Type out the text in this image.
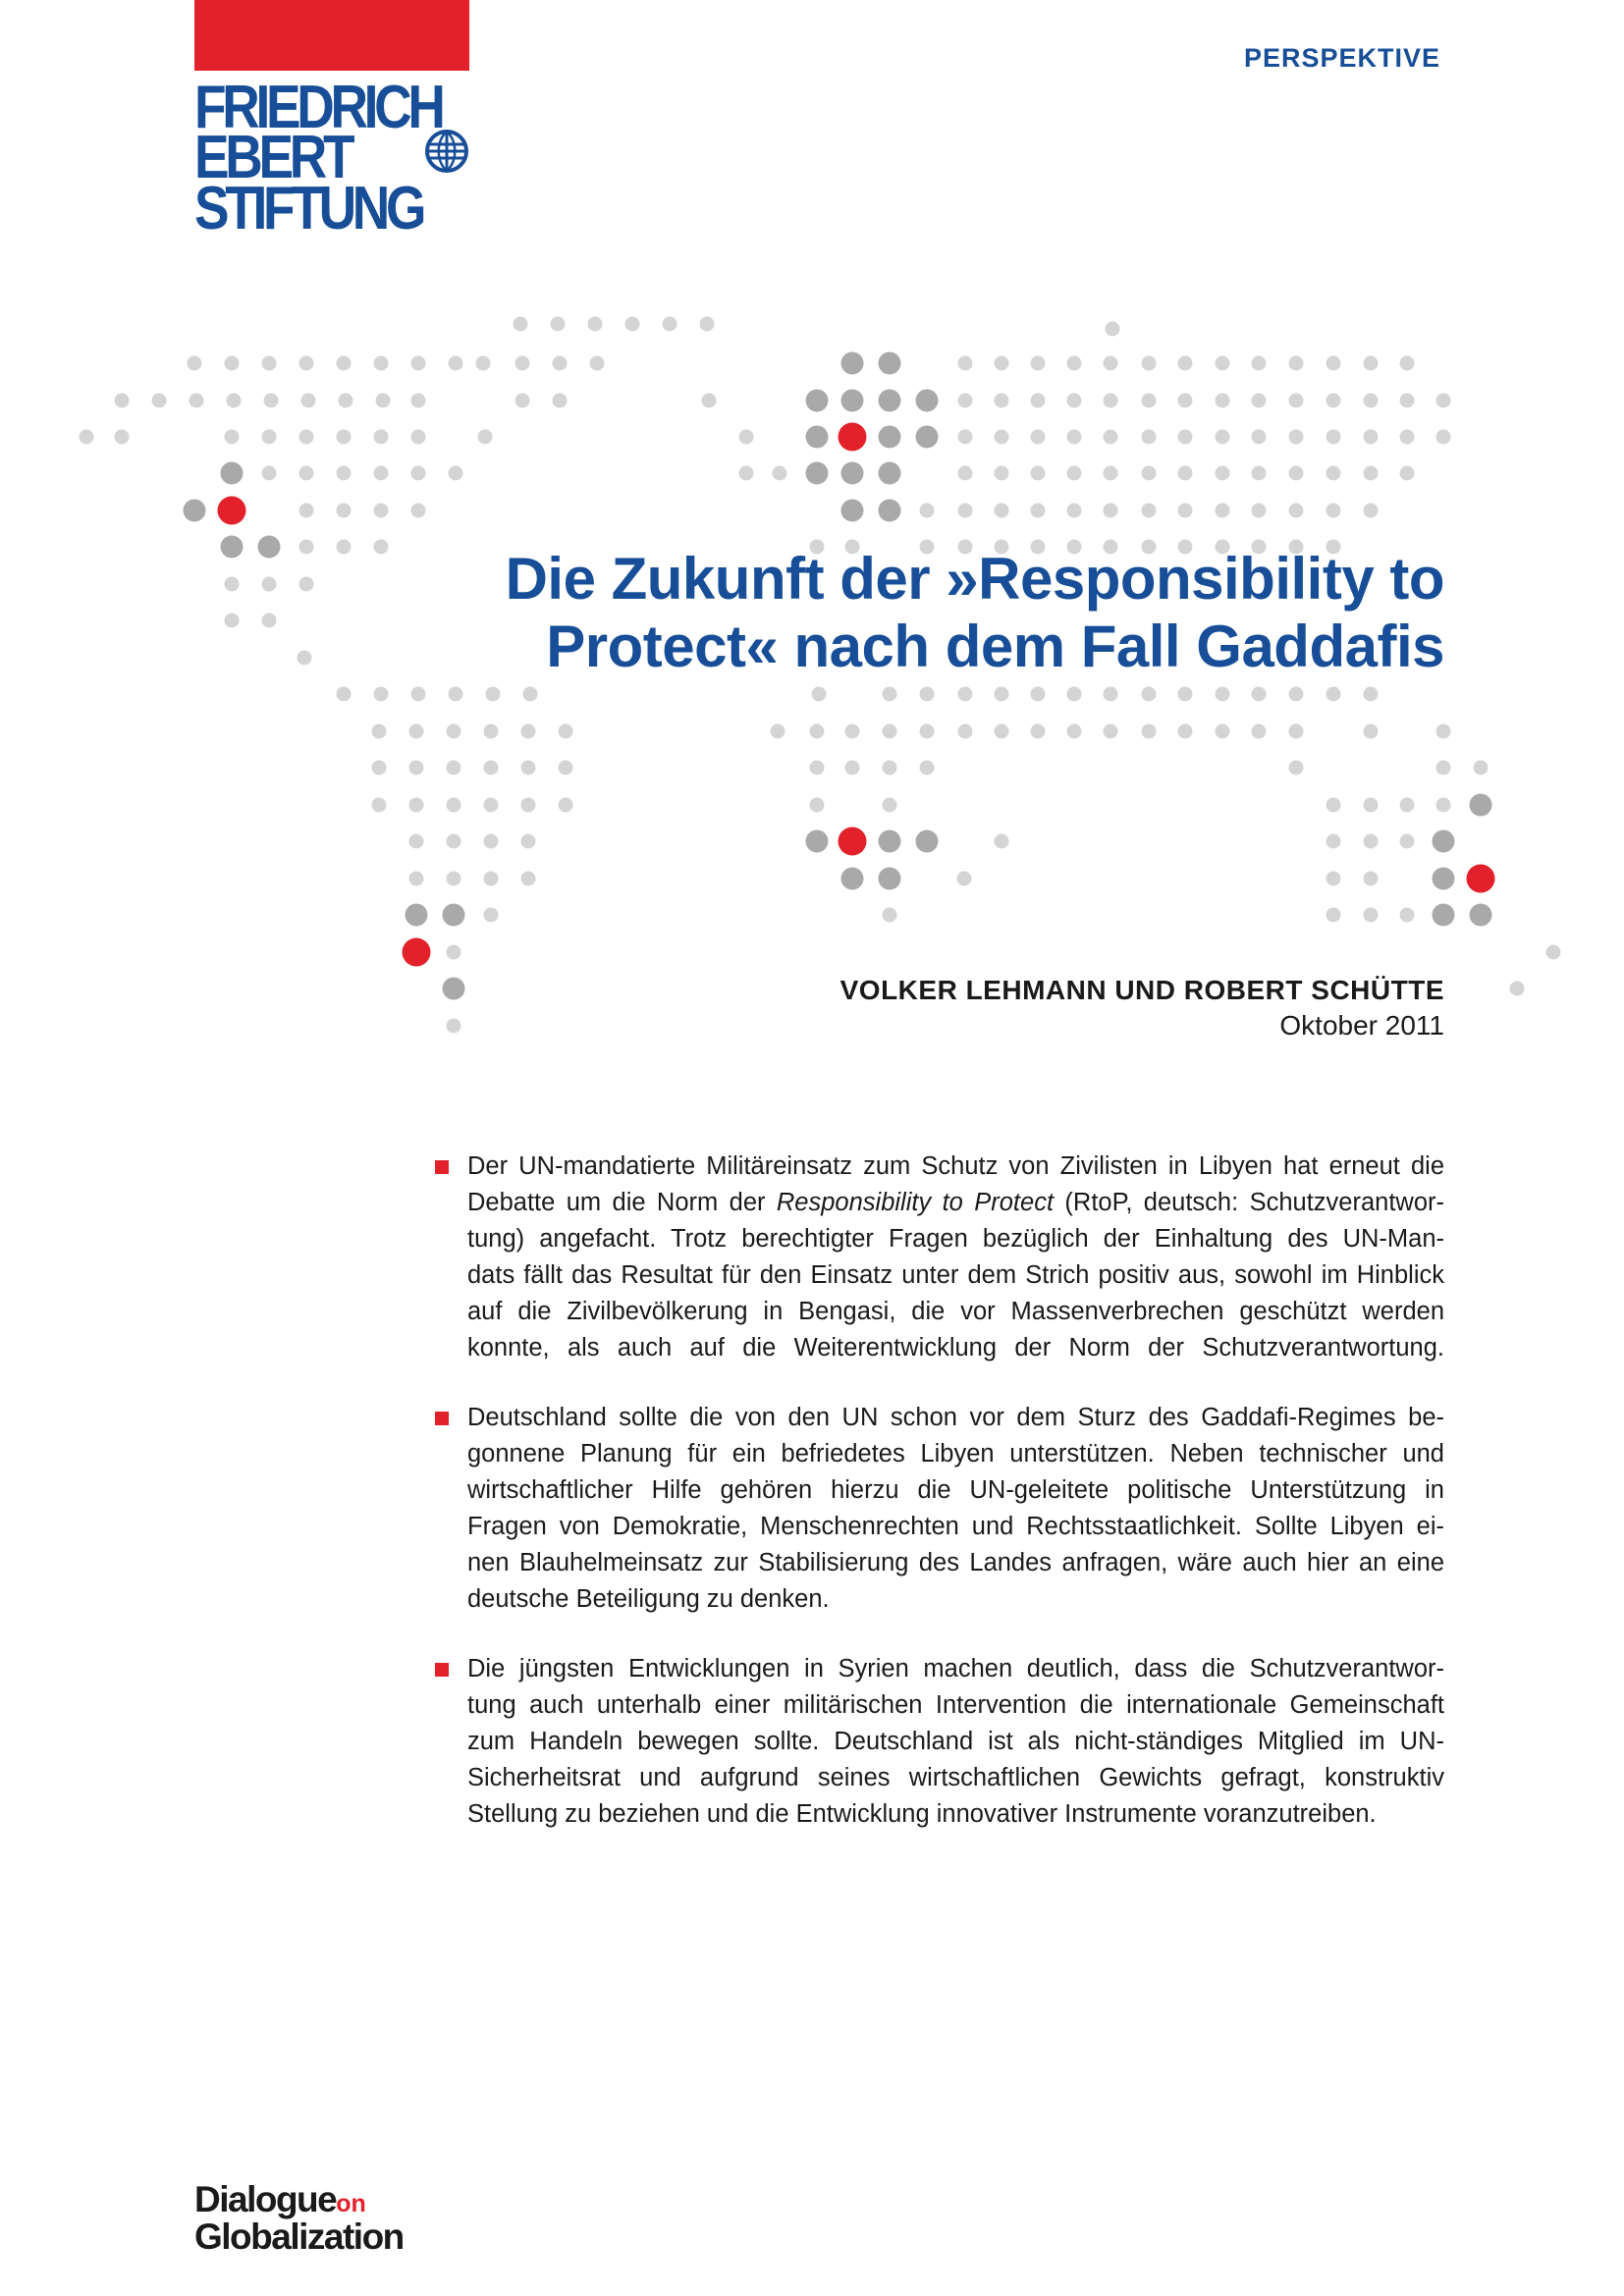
FRIEDRICH
EBERT
STIFTUNG
PERSPEKTIVE
Die Zukunft der »Responsibility to
Protect« nach dem Fall Gaddafis
VOLKER LEHMANN UND ROBERT SCHÜTTE
Oktober 2011
Der UN-mandatierte Militäreinsatz zum Schutz von Zivilisten in Libyen hat erneut die
Debatte um die Norm der Responsibility to Protect (RtoP, deutsch: Schutzverantwor-
tung) angefacht. Trotz berechtigter Fragen bezüglich der Einhaltung des UN-Man-
dats fällt das Resultat für den Einsatz unter dem Strich positiv aus, sowohl im Hinblick
auf die Zivilbevölkerung in Bengasi, die vor Massenverbrechen geschützt werden
konnte, als auch auf die Weiterentwicklung der Norm der Schutzverantwortung.
Deutschland sollte die von den UN schon vor dem Sturz des Gaddafi-Regimes be-
gonnene Planung für ein befriedetes Libyen unterstützen. Neben technischer und
wirtschaftlicher Hilfe gehören hierzu die UN-geleitete politische Unterstützung in
Fragen von Demokratie, Menschenrechten und Rechtsstaatlichkeit. Sollte Libyen ei-
nen Blauhelmeinsatz zur Stabilisierung des Landes anfragen, wäre auch hier an eine
deutsche Beteiligung zu denken.
Die jüngsten Entwicklungen in Syrien machen deutlich, dass die Schutzverantwor-
tung auch unterhalb einer militärischen Intervention die internationale Gemeinschaft
zum Handeln bewegen sollte. Deutschland ist als nicht-ständiges Mitglied im UN-
Sicherheitsrat und aufgrund seines wirtschaftlichen Gewichts gefragt, konstruktiv
Stellung zu beziehen und die Entwicklung innovativer Instrumente voranzutreiben.
Dialogueon
Globalization
